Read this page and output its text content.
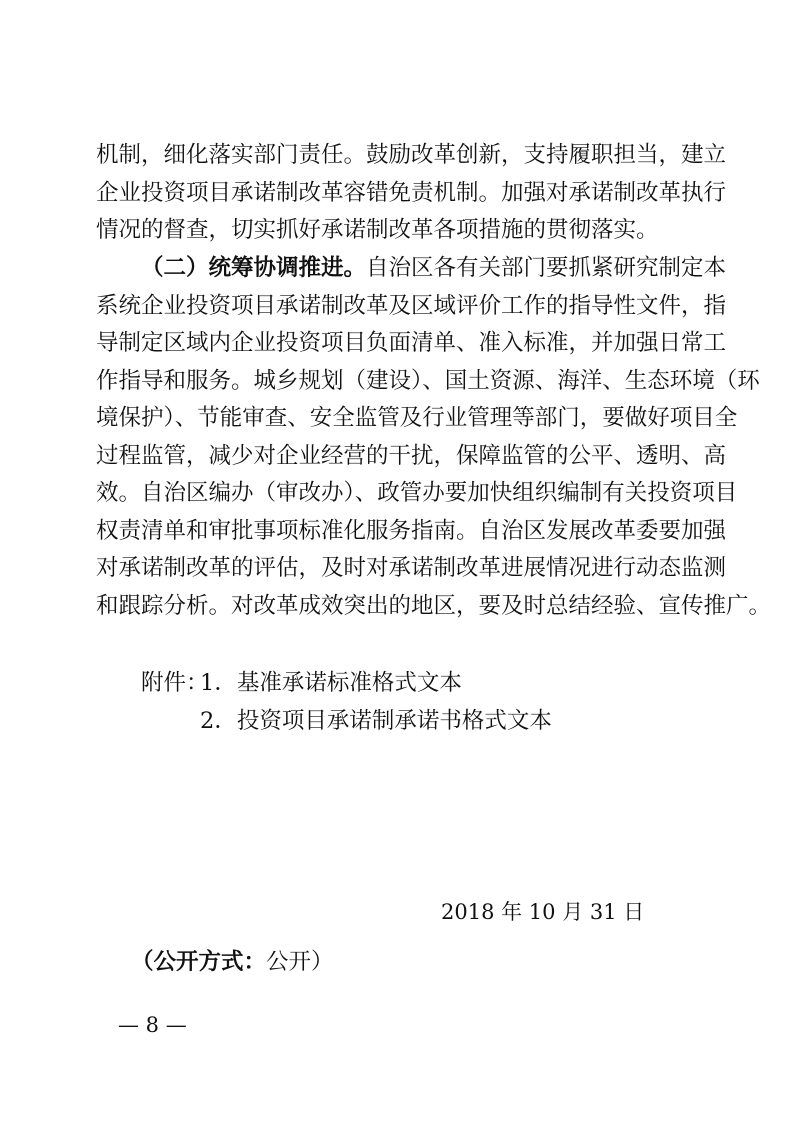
机制，细化落实部门责任。鼓励改革创新，支持履职担当，建立
企业投资项目承诺制改革容错免责机制。加强对承诺制改革执行
情况的督查，切实抓好承诺制改革各项措施的贯彻落实。
（二）统筹协调推进。自治区各有关部门要抓紧研究制定本
系统企业投资项目承诺制改革及区域评价工作的指导性文件，指
导制定区域内企业投资项目负面清单、准入标准，并加强日常工
作指导和服务。城乡规划（建设）、国土资源、海洋、生态环境（环
境保护）、节能审查、安全监管及行业管理等部门，要做好项目全
过程监管，减少对企业经营的干扰，保障监管的公平、透明、高
效。自治区编办（审改办）、政管办要加快组织编制有关投资项目
权责清单和审批事项标准化服务指南。自治区发展改革委要加强
对承诺制改革的评估，及时对承诺制改革进展情况进行动态监测
和跟踪分析。对改革成效突出的地区，要及时总结经验、宣传推广。
附件：
1．基准承诺标准格式文本
2．投资项目承诺制承诺书格式文本
2018 年 10 月 31 日
（公开方式：公开）
— 8 —
